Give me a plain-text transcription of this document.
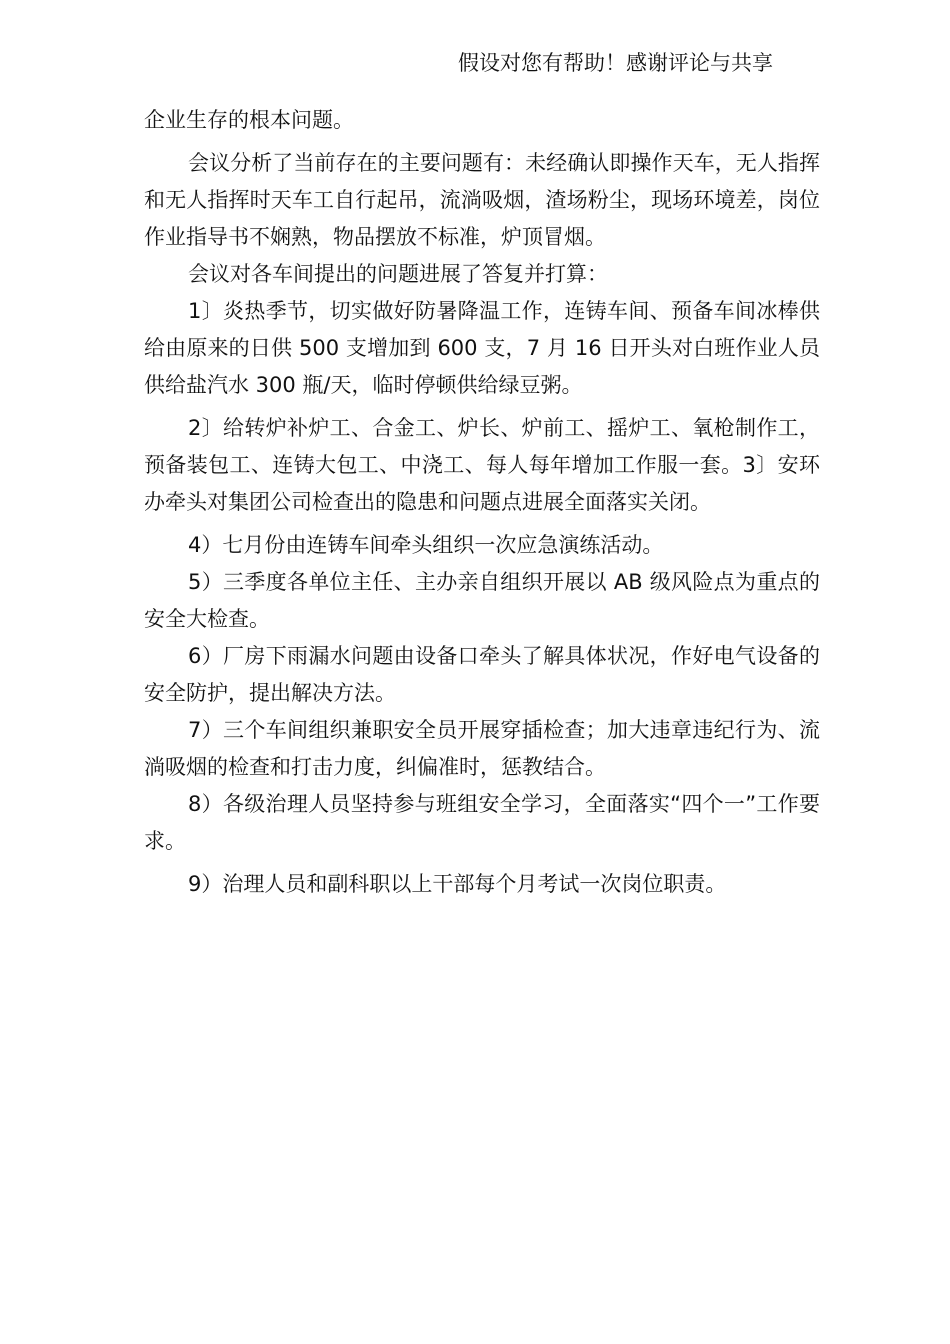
假设对您有帮助！感谢评论与共享

企业生存的根本问题。

会议分析了当前存在的主要问题有：未经确认即操作天车，无人指挥和无人指挥时天车工自行起吊，流淌吸烟，渣场粉尘，现场环境差，岗位作业指导书不娴熟，物品摆放不标准，炉顶冒烟。

会议对各车间提出的问题进展了答复并打算：

1〕炎热季节，切实做好防暑降温工作，连铸车间、预备车间冰棒供给由原来的日供 500 支增加到 600 支，7 月 16 日开头对白班作业人员供给盐汽水 300 瓶/天，临时停顿供给绿豆粥。

2〕给转炉补炉工、合金工、炉长、炉前工、摇炉工、氧枪制作工，预备装包工、连铸大包工、中浇工、每人每年增加工作服一套。3〕安环办牵头对集团公司检查出的隐患和问题点进展全面落实关闭。

4）七月份由连铸车间牵头组织一次应急演练活动。

5）三季度各单位主任、主办亲自组织开展以 AB 级风险点为重点的安全大检查。

6）厂房下雨漏水问题由设备口牵头了解具体状况，作好电气设备的安全防护，提出解决方法。

7）三个车间组织兼职安全员开展穿插检查；加大违章违纪行为、流淌吸烟的检查和打击力度，纠偏准时，惩教结合。

8）各级治理人员坚持参与班组安全学习，全面落实“四个一”工作要求。

9）治理人员和副科职以上干部每个月考试一次岗位职责。
